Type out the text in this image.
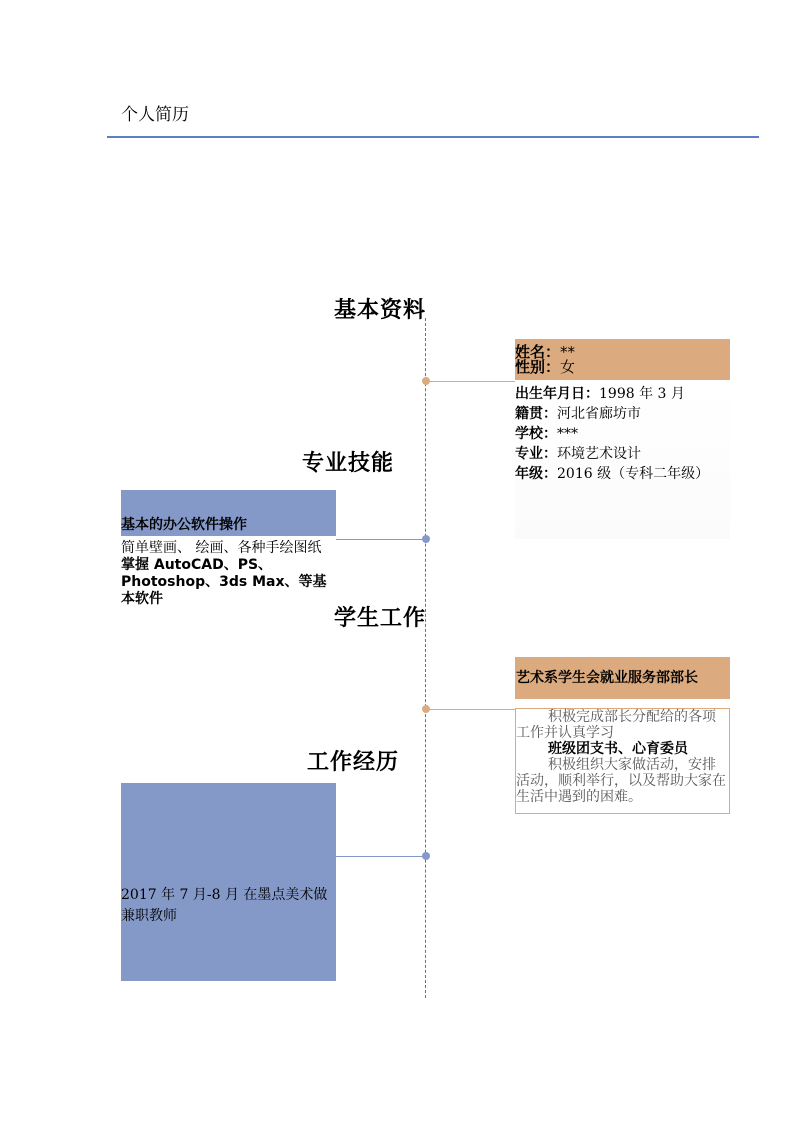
个人简历
基本资料
姓名：**
性别：女
出生年月日：1998 年 3 月
籍贯：河北省廊坊市
学校：***
专业：环境艺术设计
年级：2016 级（专科二年级）
专业技能
基本的办公软件操作
简单壁画、 绘画、各种手绘图纸
掌握 AutoCAD、PS、Photoshop、3ds Max、等基本软件
学生工作
艺术系学生会就业服务部部长
积极完成部长分配给的各项工作并认真学习
班级团支书、心育委员
积极组织大家做活动，安排活动，顺利举行，以及帮助大家在生活中遇到的困难。
工作经历
2017 年 7 月-8 月 在墨点美术做兼职教师
